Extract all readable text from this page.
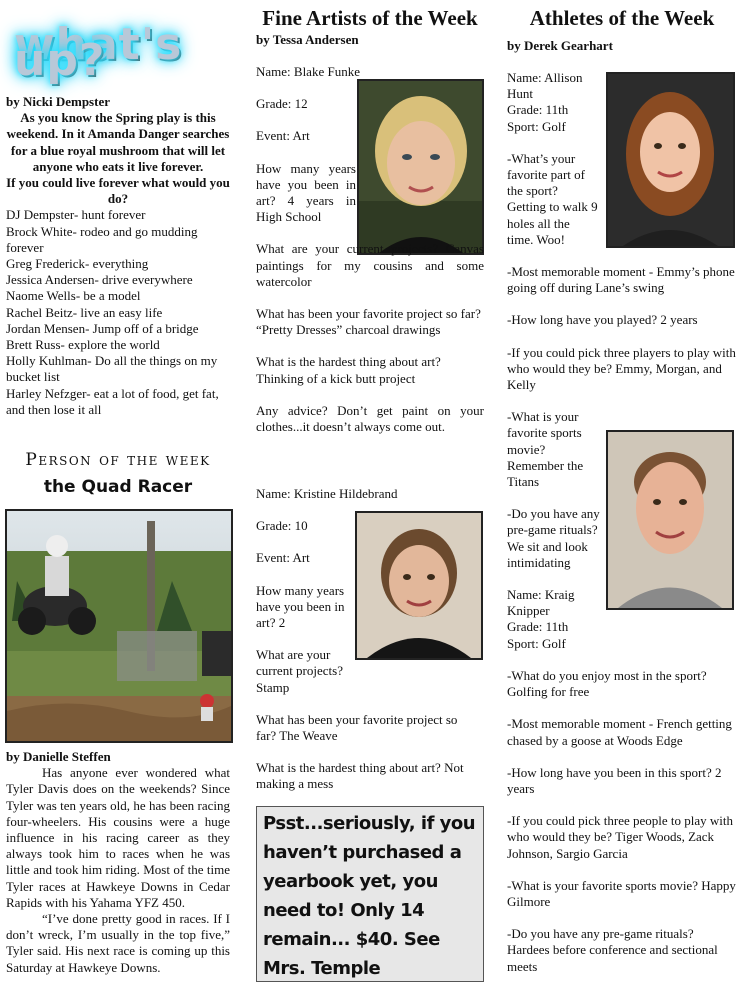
what's up?

by Nicki Dempster

As you know the Spring play is this weekend. In it Amanda Danger searches for a blue royal mushroom that will let anyone who eats it live forever.

If you could live forever what would you do?

DJ Dempster- hunt forever

Brock White- rodeo and go mudding forever

Greg Frederick- everything

Jessica Andersen- drive everywhere

Naome Wells- be a model

Rachel Beitz- live an easy life

Jordan Mensen- Jump off of a bridge

Brett Russ- explore the world

Holly Kuhlman- Do all the things on my bucket list

Harley Nefzger- eat a lot of food, get fat, and then lose it all

Person of the week
the Quad Racer

by Danielle Steffen

Has anyone ever wondered what Tyler Davis does on the weekends? Since Tyler was ten years old, he has been racing four-wheelers. His cousins were a huge influence in his racing career as they always took him to races when he was little and took him riding. Most of the time Tyler races at Hawkeye Downs in Cedar Rapids with his Yahama YFZ 450.

“I’ve done pretty good in races. If I don’t wreck, I’m usually in the top five,” Tyler said. His next race is coming up this Saturday at Hawkeye Downs.

Fine Artists of the Week
by Tessa Andersen

Name: Blake Funke

Grade: 12

Event: Art

How many years have you been in art? 4 years in High School

What are your current projects? Canvas paintings for my cousins and some watercolor

What has been your favorite project so far? “Pretty Dresses” charcoal drawings

What is the hardest thing about art? Thinking of a kick butt project

Any advice? Don’t get paint on your clothes...it doesn’t always come out.

Name: Kristine Hildebrand

Grade: 10

Event: Art

How many years have you been in art? 2

What are your current projects? Stamp

What has been your favorite project so far? The Weave

What is the hardest thing about art? Not making a mess

Psst...seriously, if you haven’t purchased a yearbook yet, you need to! Only 14 remain... $40. See Mrs. Temple
Athletes of the Week
by Derek Gearhart

Name: Allison Hunt

Grade: 11th

Sport: Golf

-What’s your favorite part of the sport? Getting to walk 9 holes all the time. Woo!

-Most memorable moment - Emmy’s phone going off during Lane’s swing

-How long have you played? 2 years

-If you could pick three players to play with who would they be? Emmy, Morgan, and Kelly

-What is your favorite sports movie? Remember the Titans

-Do you have any pre-game rituals? We sit and look intimidating

Name: Kraig Knipper

Grade: 11th

Sport: Golf

-What do you enjoy most in the sport? Golfing for free

-Most memorable moment - French getting chased by a goose at Woods Edge

-How long have you been in this sport? 2 years

-If you could pick three people to play with who would they be? Tiger Woods, Zack Johnson, Sargio Garcia

-What is your favorite sports movie? Happy Gilmore

-Do you have any pre-game rituals? Hardees before conference and sectional meets
